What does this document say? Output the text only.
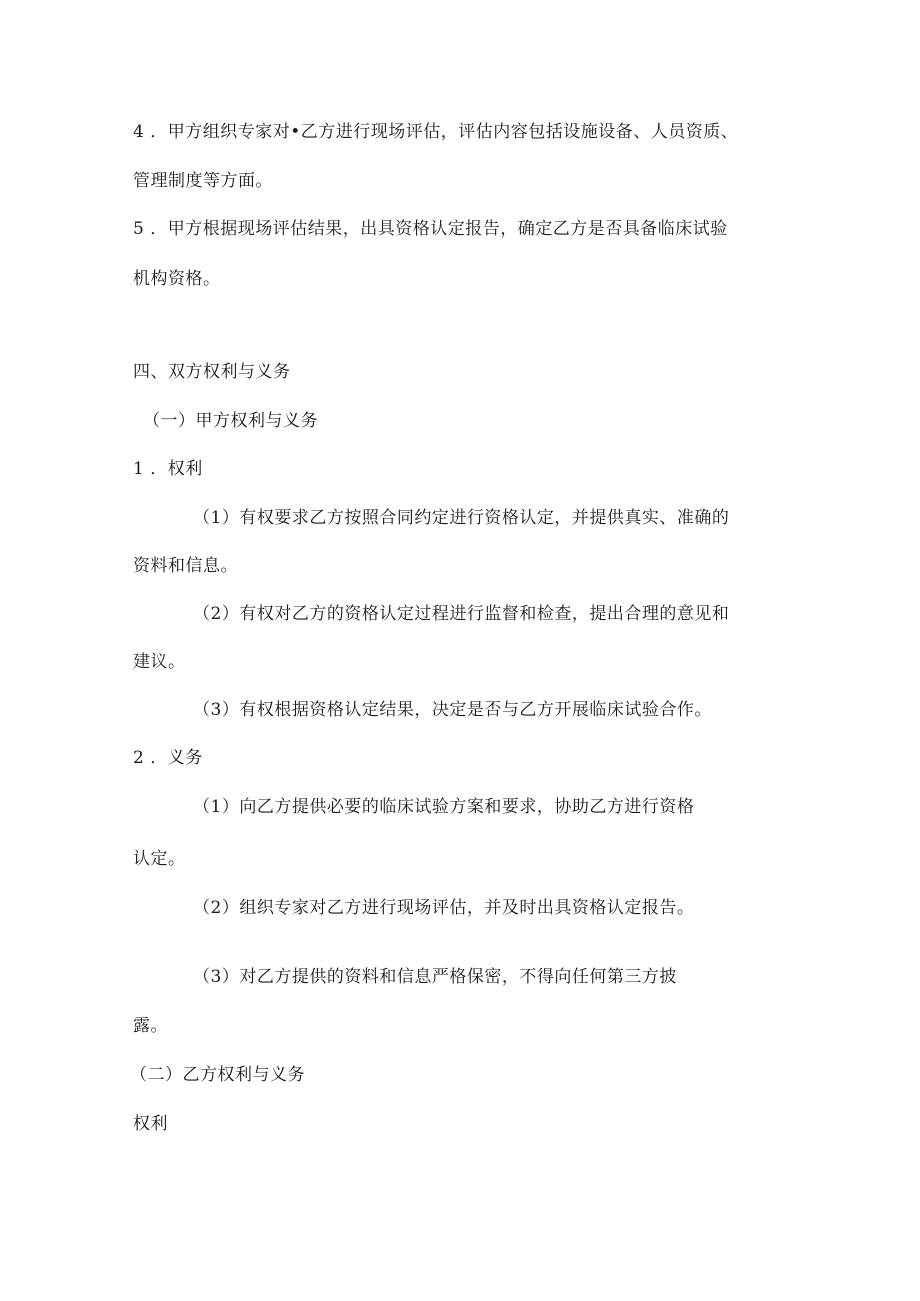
4 ．甲方组织专家对•乙方进行现场评估，评估内容包括设施设备、人员资质、
管理制度等方面。
5 ．甲方根据现场评估结果，出具资格认定报告，确定乙方是否具备临床试验
机构资格。
四、双方权利与义务
（一）甲方权利与义务
1 ．权利
（1）有权要求乙方按照合同约定进行资格认定，并提供真实、准确的
资料和信息。
（2）有权对乙方的资格认定过程进行监督和检查，提出合理的意见和
建议。
（3）有权根据资格认定结果，决定是否与乙方开展临床试验合作。
2 ．义务
（1）向乙方提供必要的临床试验方案和要求，协助乙方进行资格
认定。
（2）组织专家对乙方进行现场评估，并及时出具资格认定报告。
（3）对乙方提供的资料和信息严格保密，不得向任何第三方披
露。
（二）乙方权利与义务
权利
